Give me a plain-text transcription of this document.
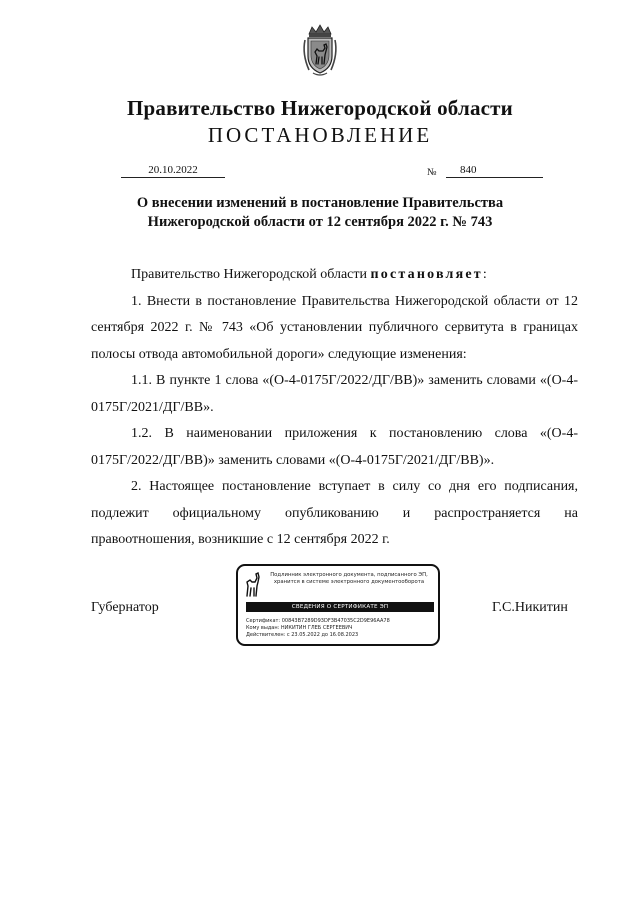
Правительство Нижегородской области
ПОСТАНОВЛЕНИЕ
20.10.2022	№	840
О внесении изменений в постановление Правительства
Нижегородской области от 12 сентября 2022 г. № 743

Правительство Нижегородской области постановляет:

1. Внести в постановление Правительства Нижегородской области от 12 сентября 2022 г. № 743 «Об установлении публичного сервитута в границах полосы отвода автомобильной дороги» следующие изменения:

1.1. В пункте 1 слова «(О-4-0175Г/2022/ДГ/ВВ)» заменить словами «(О-4-0175Г/2021/ДГ/ВВ».

1.2. В наименовании приложения к постановлению слова «(О-4-0175Г/2022/ДГ/ВВ)» заменить словами «(О-4-0175Г/2021/ДГ/ВВ)».

2. Настоящее постановление вступает в силу со дня его подписания, подлежит официальному опубликованию и распространяется на правоотношения, возникшие с 12 сентября 2022 г.

Губернатор	Г.С.Никитин
Подлинник электронного документа, подписанного ЭП,
хранится в системе электронного документооборота
СВЕДЕНИЯ О СЕРТИФИКАТЕ ЭП
Сертификат: 00843B7289D93DF3B47035C2D9E96AA78
Кому выдан: НИКИТИН ГЛЕБ СЕРГЕЕВИЧ
Действителен: с 23.05.2022 до 16.08.2023
